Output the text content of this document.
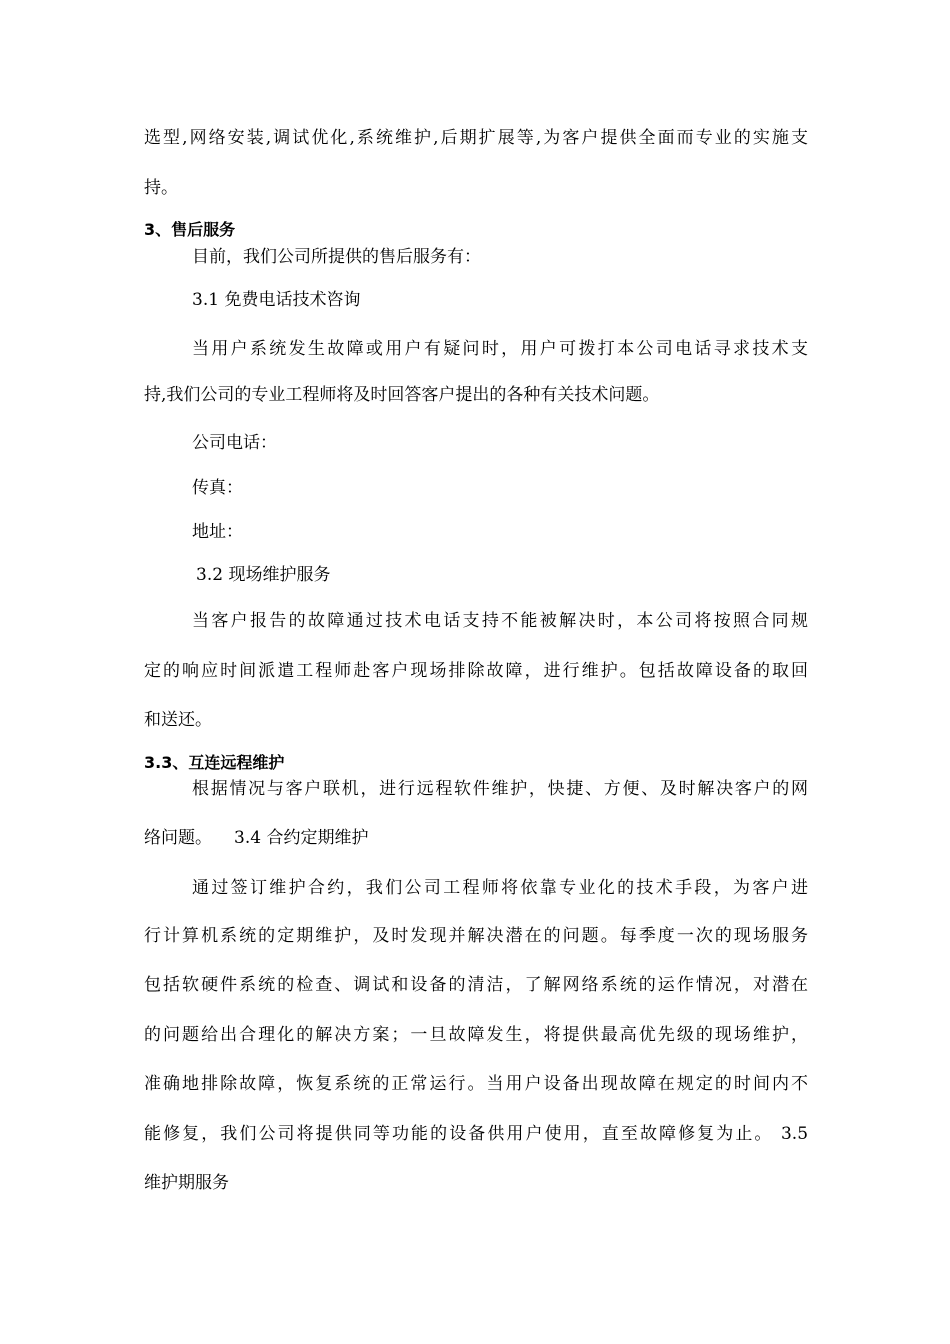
选型,网络安装,调试优化,系统维护,后期扩展等,为客户提供全面而专业的实施支
持。
3、售后服务
目前，我们公司所提供的售后服务有：
3.1 免费电话技术咨询
当用户系统发生故障或用户有疑问时，用户可拨打本公司电话寻求技术支
持,我们公司的专业工程师将及时回答客户提出的各种有关技术问题。
公司电话：
传真：
地址：
3.2 现场维护服务
当客户报告的故障通过技术电话支持不能被解决时，本公司将按照合同规
定的响应时间派遣工程师赴客户现场排除故障，进行维护。包括故障设备的取回
和送还。
3.3、互连远程维护
根据情况与客户联机，进行远程软件维护，快捷、方便、及时解决客户的网
络问题。 3.4 合约定期维护
通过签订维护合约，我们公司工程师将依靠专业化的技术手段，为客户进
行计算机系统的定期维护，及时发现并解决潜在的问题。每季度一次的现场服务
包括软硬件系统的检查、调试和设备的清洁，了解网络系统的运作情况，对潜在
的问题给出合理化的解决方案；一旦故障发生，将提供最高优先级的现场维护，
准确地排除故障，恢复系统的正常运行。当用户设备出现故障在规定的时间内不
能修复，我们公司将提供同等功能的设备供用户使用，直至故障修复为止。 3.5
维护期服务
